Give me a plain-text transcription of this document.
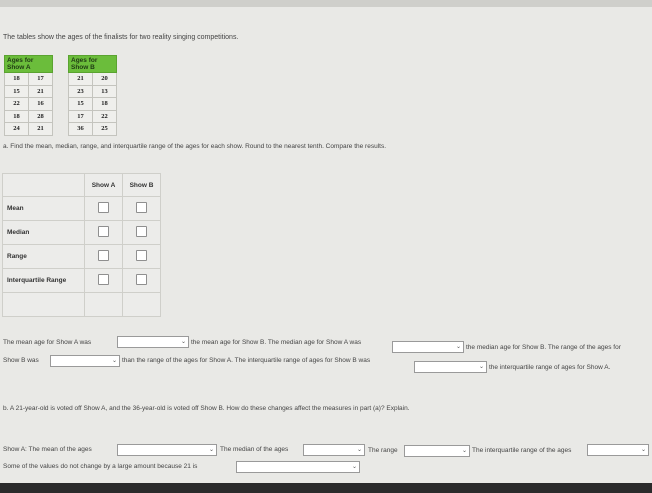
The tables show the ages of the finalists for two reality singing competitions.
Ages for
Show A	

18	17
15	21
22	16
18	28
24	21
Ages for
Show B	

21	20
23	13
15	18
17	22
36	25
a. Find the mean, median, range, and interquartile range of the ages for each show. Round to the nearest tenth. Compare the results.
	Show A	Show B
Mean		
Median		
Range		
Interquartile Range		

The mean age for Show A was	⌄ the mean age for Show B. The median age for Show A was
⌄ the median age for Show B. The range of the ages for
Show B was	⌄ than the range of the ages for Show A. The interquartile range of ages for Show B was
⌄ the interquartile range of ages for Show A.
b. A 21-year-old is voted off Show A, and the 36-year-old is voted off Show B. How do these changes affect the measures in part (a)? Explain.
Show A: The mean of the ages	⌄ The median of the ages	⌄ The range	⌄ The interquartile range of the ages	⌄
Some of the values do not change by a large amount because 21 is	⌄
